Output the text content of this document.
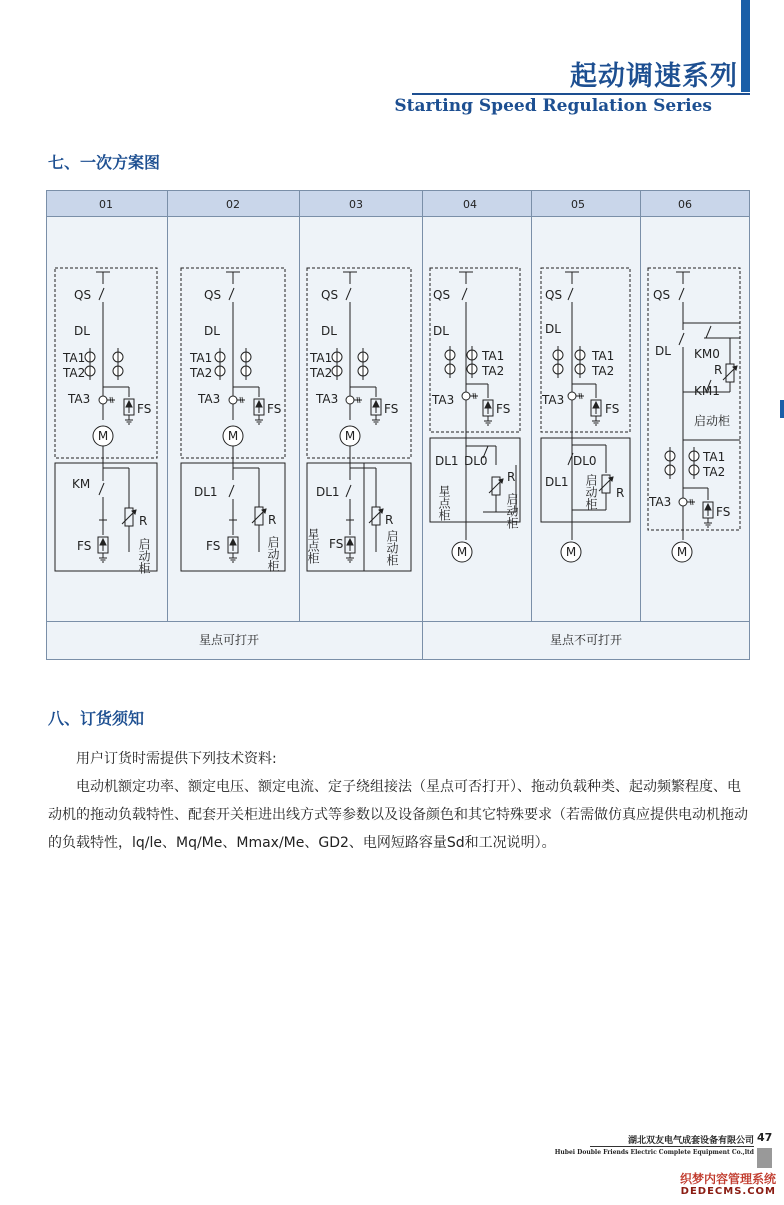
起动调速系列
Starting Speed Regulation Series
七、一次方案图
01	02	03	04	05	06
星点可打开	星点不可打开
QS
DL
TA1
TA2
TA3
FS
M
KM
R
FS	启动柜
QS
DL
TA1
TA2
TA3
FS
M
DL1
R
FS	启动柜
QS
DL
TA1
TA2
TA3
FS
M
DL1
R
FS
星点柜	启动柜
QS
DL
TA1
TA2
TA3
FS
DL1 DL0
R
星点柜	启动柜
M
QS
DL
TA1
TA2
TA3
FS
DL0
DL1
R
启动柜
M
QS
DL KM0
R
KM1
启动柜
TA1
TA2
TA3
FS
M
八、订货须知

用户订货时需提供下列技术资料:

电动机额定功率、额定电压、额定电流、定子绕组接法（星点可否打开）、拖动负载种类、起动频繁程度、电动机的拖动负载特性、配套开关柜进出线方式等参数以及设备颜色和其它特殊要求（若需做仿真应提供电动机拖动的负载特性，lq/le、Mq/Me、Mmax/Me、GD2、电网短路容量Sd和工况说明）。

湖北双友电气成套设备有限公司 47
Hubei Double Friends Electric Complete Equipment Co.,ltd
织梦内容管理系统
DEDECMS.COM
